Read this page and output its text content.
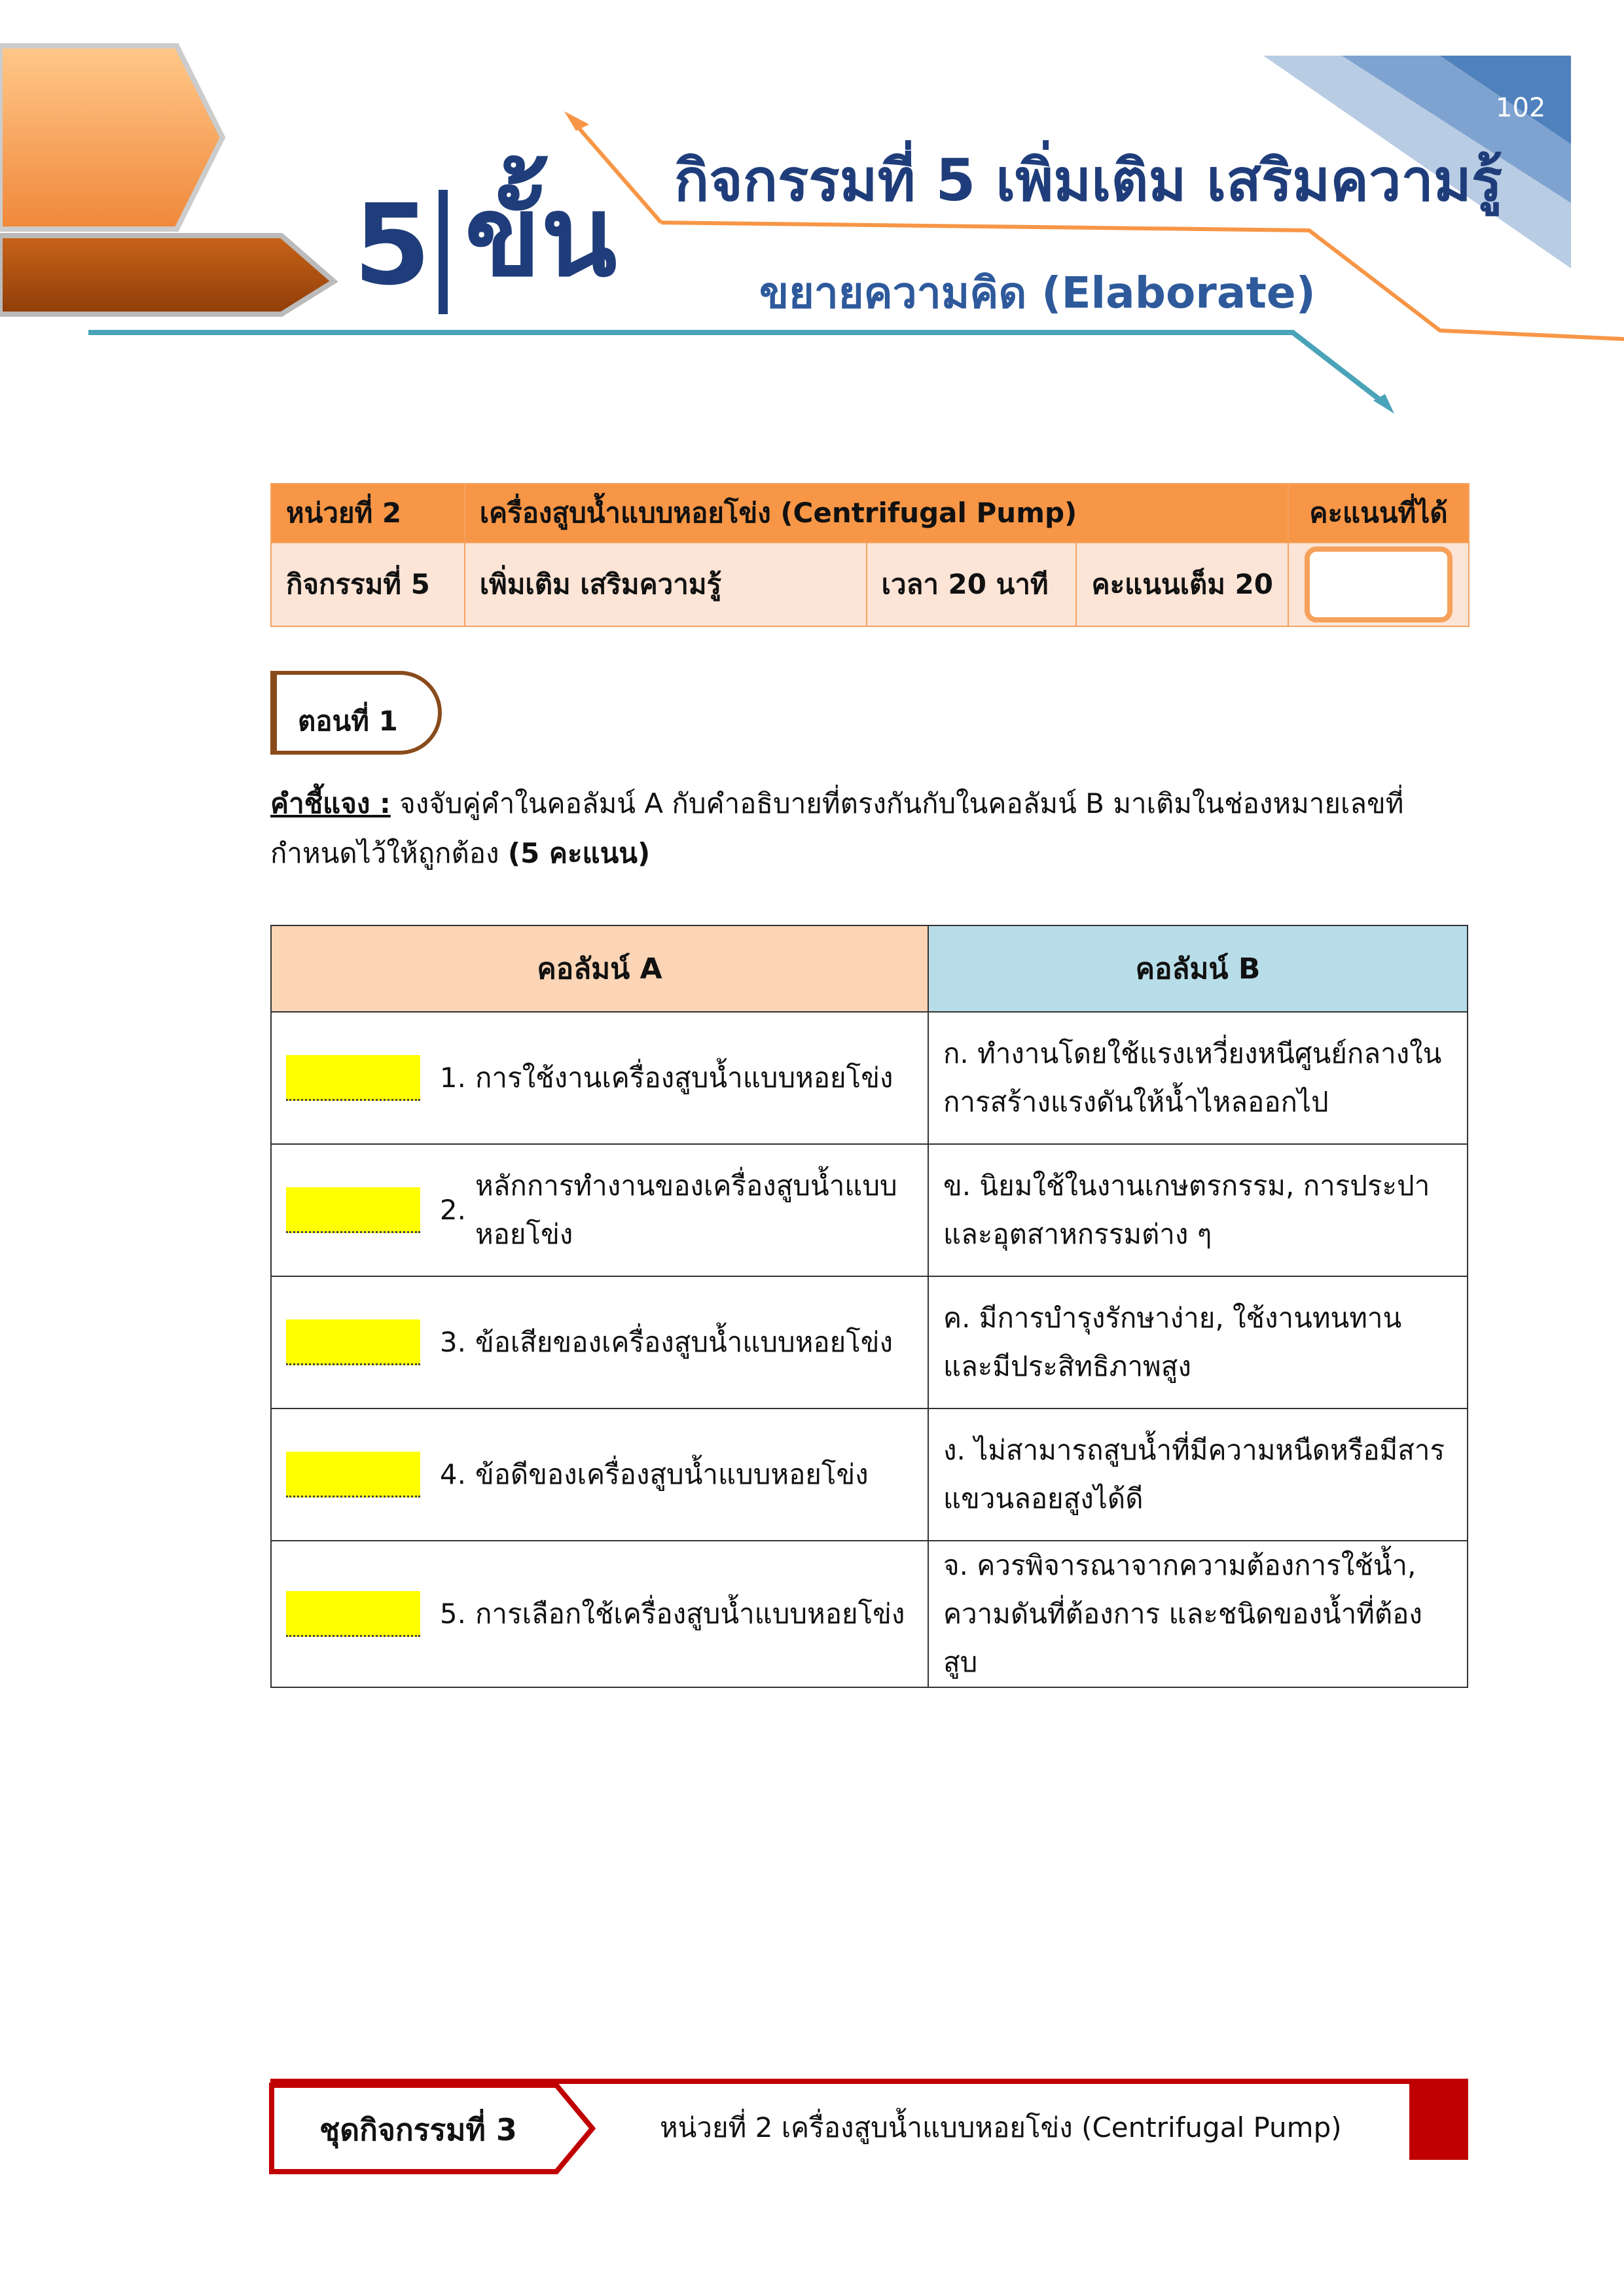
102
5 ขั้น กิจกรรมที่ 5 เพิ่มเติม เสริมความรู้
ขยายความคิด (Elaborate)
หน่วยที่ 2	เครื่องสูบน้ำแบบหอยโข่ง (Centrifugal Pump)			คะแนนที่ได้
กิจกรรมที่ 5	เพิ่มเติม เสริมความรู้	เวลา 20 นาที	คะแนนเต็ม 20	
ตอนที่ 1
คำชี้แจง : จงจับคู่คำในคอลัมน์ A กับคำอธิบายที่ตรงกันกับในคอลัมน์ B มาเติมในช่องหมายเลขที่กำหนดไว้ให้ถูกต้อง (5 คะแนน)
คอลัมน์ A	คอลัมน์ B

1. การใช้งานเครื่องสูบน้ำแบบหอยโข่ง	ก. ทำงานโดยใช้แรงเหวี่ยงหนีศูนย์กลางในการสร้างแรงดันให้น้ำไหลออกไป

2.
หลักการทำงานของเครื่องสูบน้ำแบบหอยโข่ง	ข. นิยมใช้ในงานเกษตรกรรม, การประปาและอุตสาหกรรมต่าง ๆ

3. ข้อเสียของเครื่องสูบน้ำแบบหอยโข่ง	ค. มีการบำรุงรักษาง่าย, ใช้งานทนทาน และมีประสิทธิภาพสูง

4. ข้อดีของเครื่องสูบน้ำแบบหอยโข่ง	ง. ไม่สามารถสูบน้ำที่มีความหนืดหรือมีสารแขวนลอยสูงได้ดี

5. การเลือกใช้เครื่องสูบน้ำแบบหอยโข่ง	จ. ควรพิจารณาจากความต้องการใช้น้ำ, ความดันที่ต้องการ และชนิดของน้ำที่ต้องสูบ
ชุดกิจกรรมที่ 3	หน่วยที่ 2 เครื่องสูบน้ำแบบหอยโข่ง (Centrifugal Pump)
